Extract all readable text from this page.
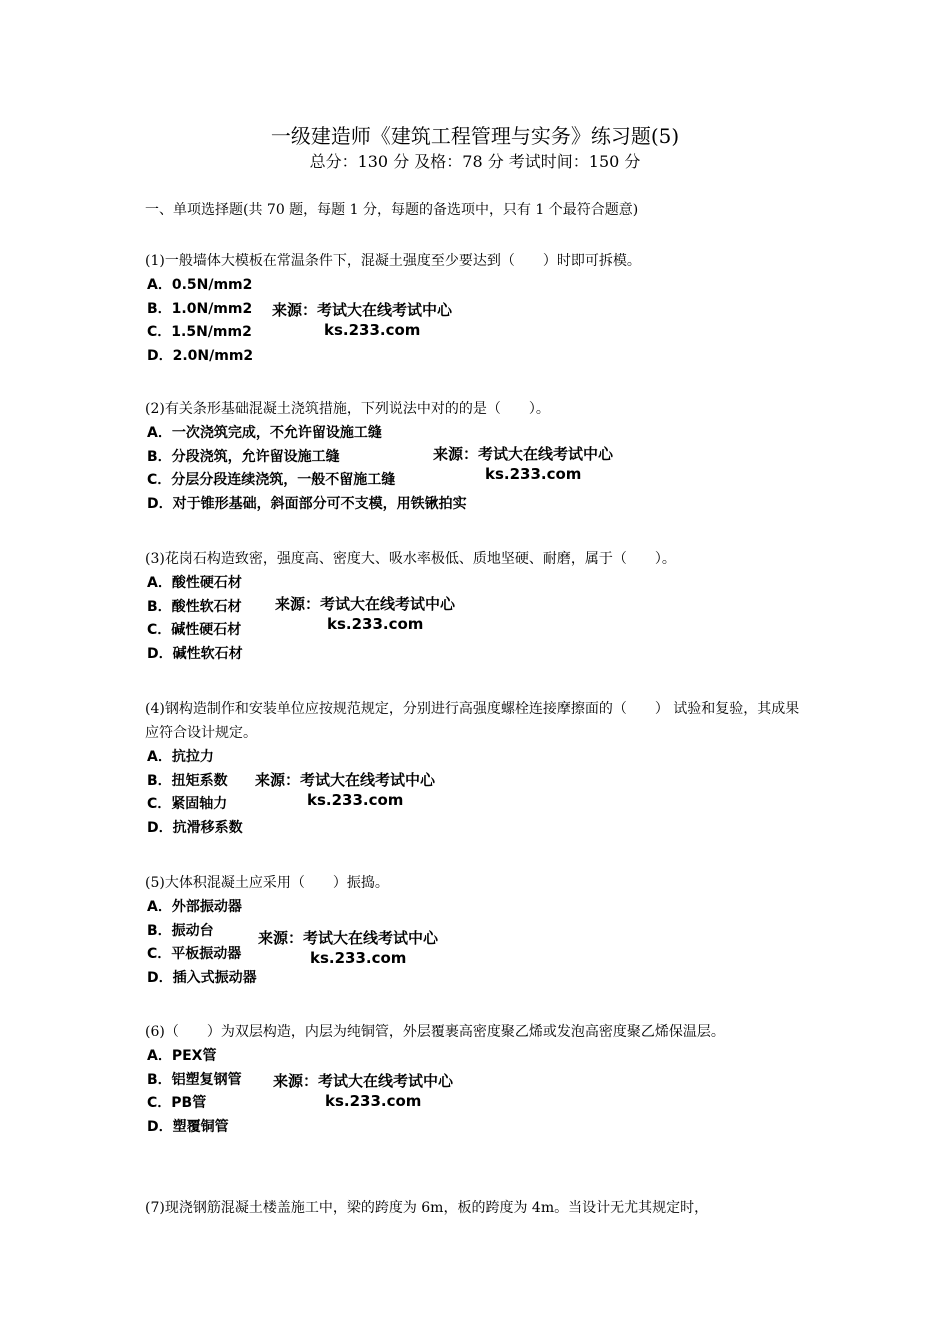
一级建造师《建筑工程管理与实务》练习题(5)
总分：130 分 及格：78 分 考试时间：150 分
一、单项选择题(共 70 题，每题 1 分，每题的备选项中，只有 1 个最符合题意)

(1)一般墙体大模板在常温条件下，混凝土强度至少要达到（　　）时即可拆模。

A．0.5N/mm2
B．1.0N/mm2
C．1.5N/mm2
D．2.0N/mm2
来源：考试大在线考试中心
ks.233.com

(2)有关条形基础混凝土浇筑措施，下列说法中对的的是（　　）。

A．一次浇筑完成，不允许留设施工缝
B．分段浇筑，允许留设施工缝
C．分层分段连续浇筑，一般不留施工缝
D．对于锥形基础，斜面部分可不支模，用铁锹拍实
来源：考试大在线考试中心
ks.233.com

(3)花岗石构造致密，强度高、密度大、吸水率极低、质地坚硬、耐磨，属于（　　）。

A．酸性硬石材
B．酸性软石材
C．碱性硬石材
D．碱性软石材
来源：考试大在线考试中心
ks.233.com

(4)钢构造制作和安装单位应按规范规定，分别进行高强度螺栓连接摩擦面的（　　） 试验和复验，其成果应符合设计规定。

A．抗拉力
B．扭矩系数
C．紧固轴力
D．抗滑移系数
来源：考试大在线考试中心
ks.233.com

(5)大体积混凝土应采用（　　）振捣。

A．外部振动器
B．振动台
C．平板振动器
D．插入式振动器
来源：考试大在线考试中心
ks.233.com

(6)（　　）为双层构造，内层为纯铜管，外层覆裹高密度聚乙烯或发泡高密度聚乙烯保温层。

A．PEX管
B．铝塑复钢管
C．PB管
D．塑覆铜管
来源：考试大在线考试中心
ks.233.com

(7)现浇钢筋混凝土楼盖施工中，梁的跨度为 6m，板的跨度为 4m。当设计无尤其规定时，
